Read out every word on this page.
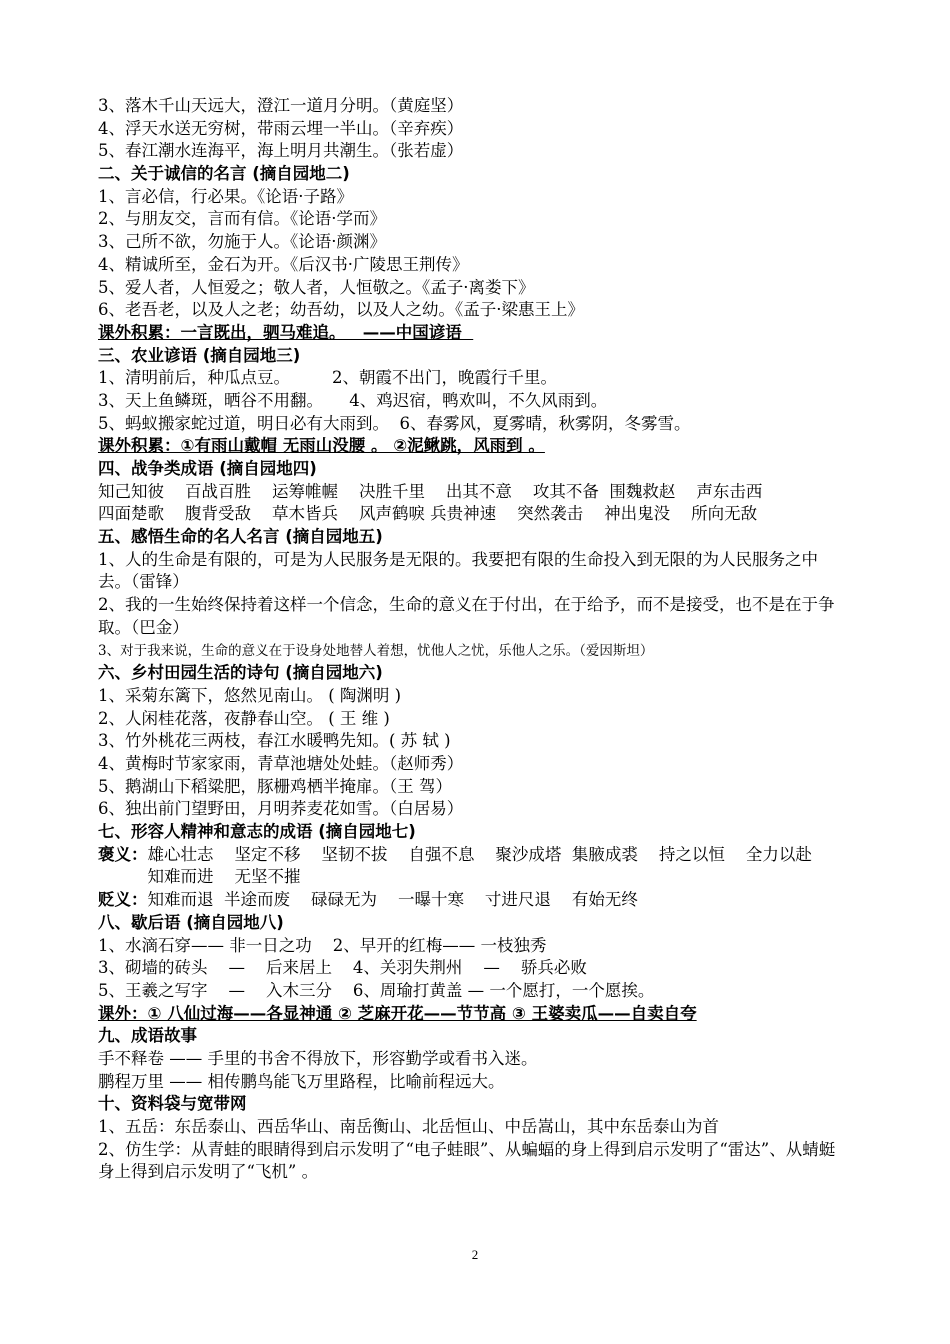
3、落木千山天远大，澄江一道月分明。（黄庭坚）
4、浮天水送无穷树，带雨云埋一半山。（辛弃疾）
5、春江潮水连海平，海上明月共潮生。（张若虚）
二、关于诚信的名言 (摘自园地二)
1、言必信，行必果。《论语·子路》
2、与朋友交，言而有信。《论语·学而》
3、己所不欲，勿施于人。《论语·颜渊》
4、精诚所至，金石为开。《后汉书·广陵思王荆传》
5、爱人者，人恒爱之；敬人者，人恒敬之。《孟子·离娄下》
6、老吾老，以及人之老；幼吾幼，以及人之幼。《孟子·梁惠王上》
课外积累：一言既出，驷马难追。   ——中国谚语
三、农业谚语 (摘自园地三)
1、清明前后，种瓜点豆。        2、朝霞不出门，晚霞行千里。
3、天上鱼鳞斑，晒谷不用翻。     4、鸡迟宿，鸭欢叫，不久风雨到。
5、蚂蚁搬家蛇过道，明日必有大雨到。  6、春雾风，夏雾晴，秋雾阴，冬雾雪。
课外积累：①有雨山戴帽 无雨山没腰 。 ②泥鳅跳，风雨到 。
四、战争类成语 (摘自园地四)
知己知彼    百战百胜    运筹帷幄    决胜千里    出其不意    攻其不备  围魏救赵    声东击西
四面楚歌    腹背受敌    草木皆兵    风声鹤唳 兵贵神速    突然袭击    神出鬼没    所向无敌
五、感悟生命的名人名言 (摘自园地五)
1、人的生命是有限的，可是为人民服务是无限的。我要把有限的生命投入到无限的为人民服务之中去。（雷锋）
2、我的一生始终保持着这样一个信念，生命的意义在于付出，在于给予，而不是接受，也不是在于争取。（巴金）
3、对于我来说，生命的意义在于设身处地替人着想，忧他人之忧，乐他人之乐。（爱因斯坦）
六、乡村田园生活的诗句 (摘自园地六)
1、采菊东篱下，悠然见南山。 ( 陶渊明 )
2、人闲桂花落，夜静春山空。 ( 王 维 )
3、竹外桃花三两枝，春江水暖鸭先知。( 苏 轼 )
4、黄梅时节家家雨，青草池塘处处蛙。（赵师秀）
5、鹅湖山下稻粱肥，豚栅鸡栖半掩扉。（王 驾）
6、独出前门望野田，月明荞麦花如雪。（白居易）
七、形容人精神和意志的成语 (摘自园地七)
褒义： 雄心壮志    坚定不移    坚韧不拔    自强不息    聚沙成塔  集腋成裘    持之以恒    全力以赴    知难而进    无坚不摧
贬义： 知难而退  半途而废    碌碌无为    一曝十寒    寸进尺退    有始无终
八、歇后语 (摘自园地八)
1、水滴石穿—— 非一日之功    2、早开的红梅—— 一枝独秀
3、砌墙的砖头    —    后来居上    4、关羽失荆州    —    骄兵必败
5、王羲之写字    —    入木三分    6、周瑜打黄盖 — 一个愿打，一个愿挨。
课外：① 八仙过海——各显神通 ② 芝麻开花——节节高 ③ 王婆卖瓜——自卖自夸
九、成语故事
手不释卷 —— 手里的书舍不得放下，形容勤学或看书入迷。
鹏程万里 —— 相传鹏鸟能飞万里路程，比喻前程远大。
十、资料袋与宽带网
1、五岳：东岳泰山、西岳华山、南岳衡山、北岳恒山、中岳嵩山，其中东岳泰山为首
2、仿生学：从青蛙的眼睛得到启示发明了“电子蛙眼”、从蝙蝠的身上得到启示发明了“雷达”、从蜻蜓身上得到启示发明了“飞机” 。
2
